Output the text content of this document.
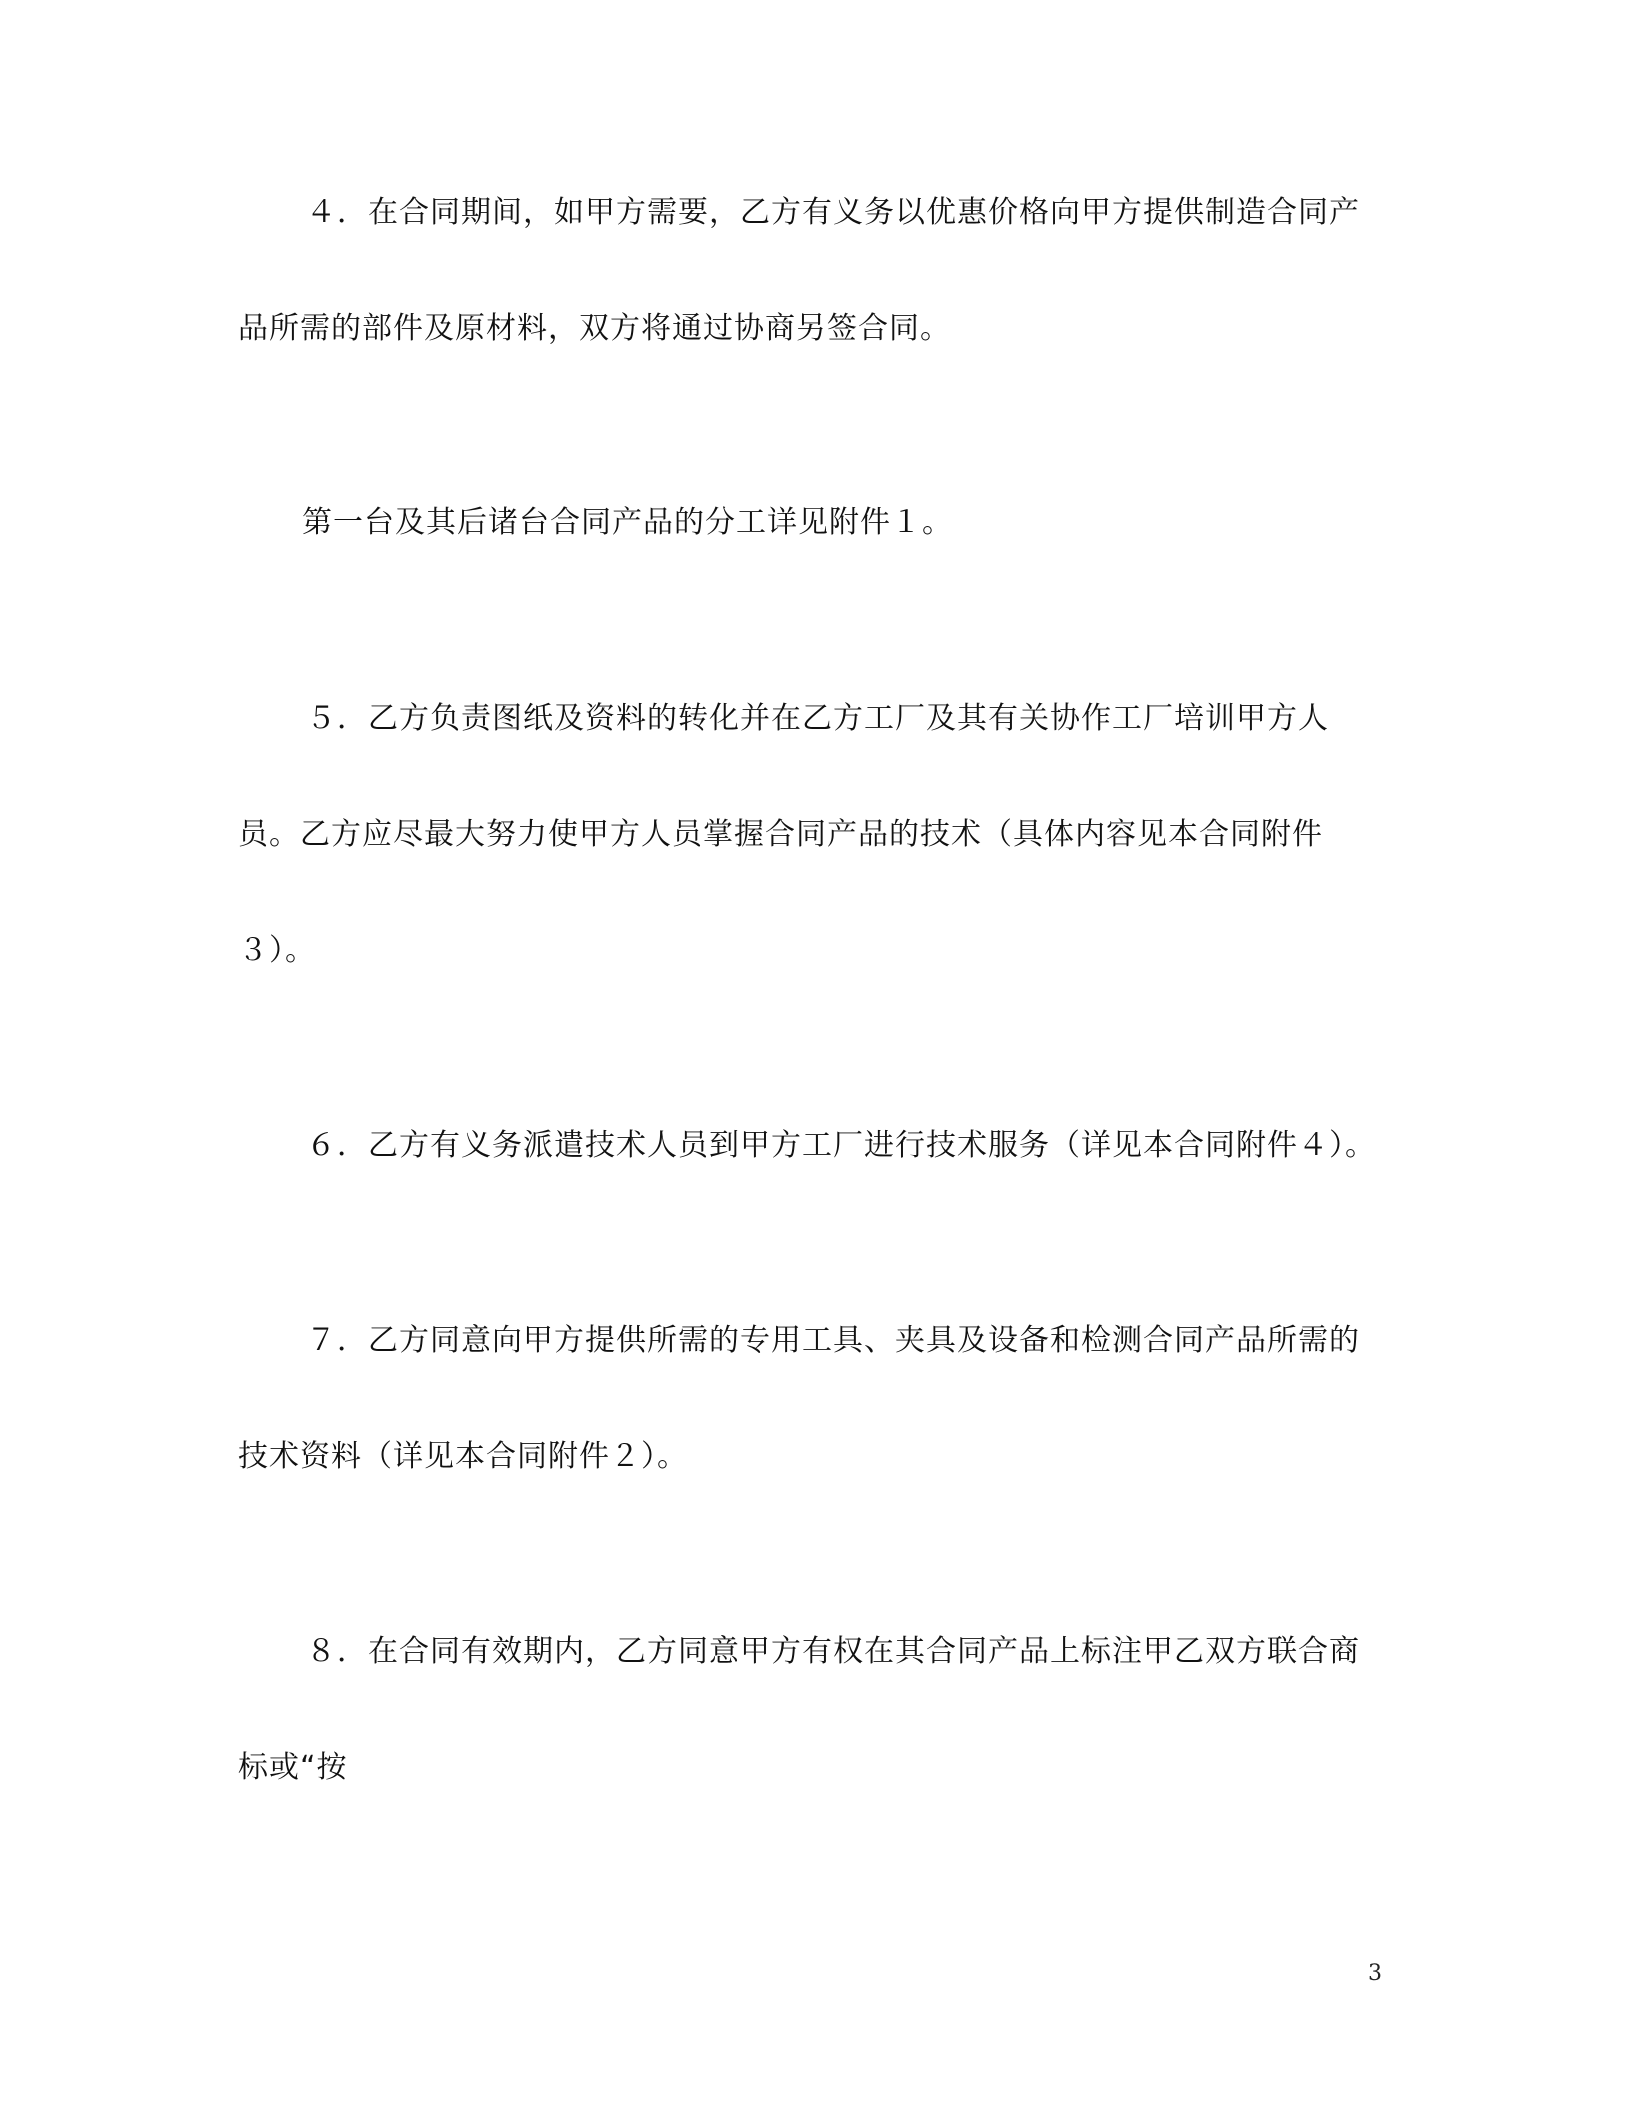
４．在合同期间，如甲方需要，乙方有义务以优惠价格向甲方提供制造合同产
品所需的部件及原材料，双方将通过协商另签合同。
第一台及其后诸台合同产品的分工详见附件１。
５．乙方负责图纸及资料的转化并在乙方工厂及其有关协作工厂培训甲方人
员。乙方应尽最大努力使甲方人员掌握合同产品的技术（具体内容见本合同附件
３）。
６．乙方有义务派遣技术人员到甲方工厂进行技术服务（详见本合同附件４）。
７．乙方同意向甲方提供所需的专用工具、夹具及设备和检测合同产品所需的
技术资料（详见本合同附件２）。
８．在合同有效期内，乙方同意甲方有权在其合同产品上标注甲乙双方联合商
标或“按
3
